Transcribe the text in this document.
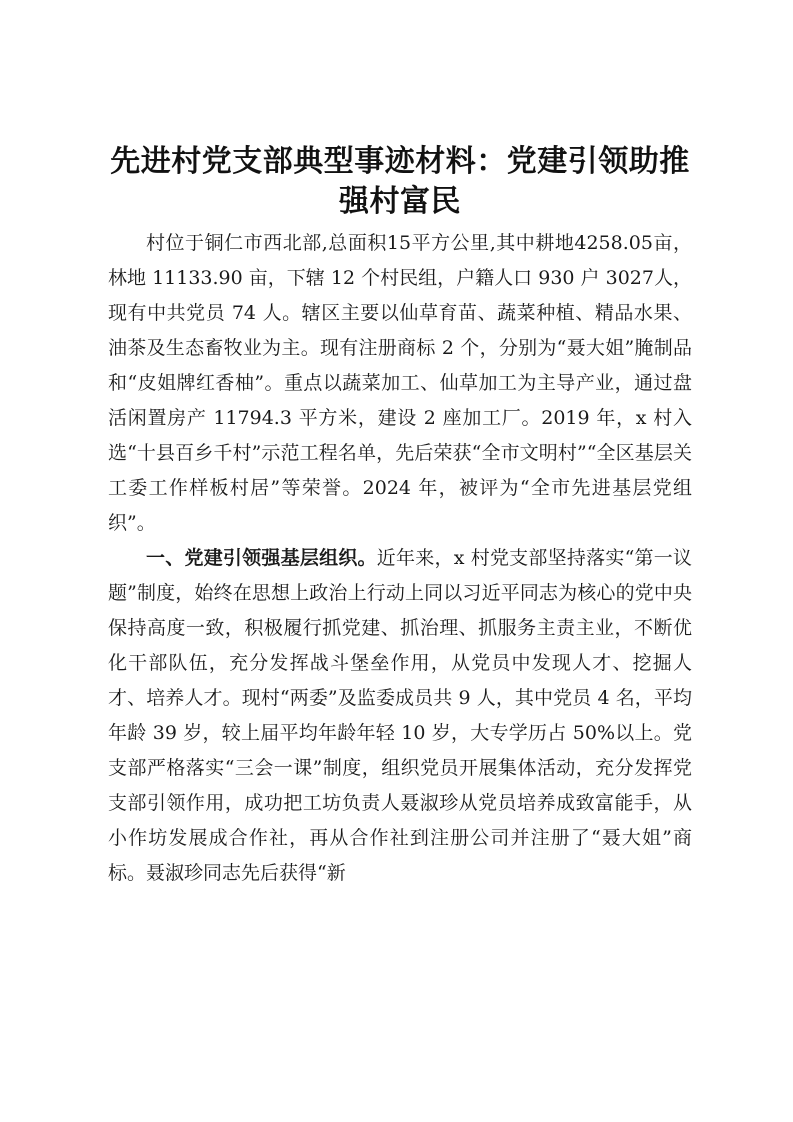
先进村党支部典型事迹材料：党建引领助推强村富民

村位于铜仁市西北部,总面积15平方公里,其中耕地4258.05亩，林地 11133.90 亩，下辖 12 个村民组，户籍人口 930 户 3027人，现有中共党员 74 人。辖区主要以仙草育苗、蔬菜种植、精品水果、油茶及生态畜牧业为主。现有注册商标 2 个，分别为“聂大姐”腌制品和“皮姐牌红香柚”。重点以蔬菜加工、仙草加工为主导产业，通过盘活闲置房产 11794.3 平方米，建设 2 座加工厂。2019 年，x 村入选“十县百乡千村”示范工程名单，先后荣获“全市文明村”“全区基层关工委工作样板村居”等荣誉。2024 年，被评为“全市先进基层党组织”。

一、党建引领强基层组织。近年来，x 村党支部坚持落实“第一议题”制度，始终在思想上政治上行动上同以习近平同志为核心的党中央保持高度一致，积极履行抓党建、抓治理、抓服务主责主业，不断优化干部队伍，充分发挥战斗堡垒作用，从党员中发现人才、挖掘人才、培养人才。现村“两委”及监委成员共 9 人，其中党员 4 名，平均年龄 39 岁，较上届平均年龄年轻 10 岁，大专学历占 50%以上。党支部严格落实“三会一课”制度，组织党员开展集体活动，充分发挥党支部引领作用，成功把工坊负责人聂淑珍从党员培养成致富能手，从小作坊发展成合作社，再从合作社到注册公司并注册了“聂大姐”商标。聂淑珍同志先后获得“新
